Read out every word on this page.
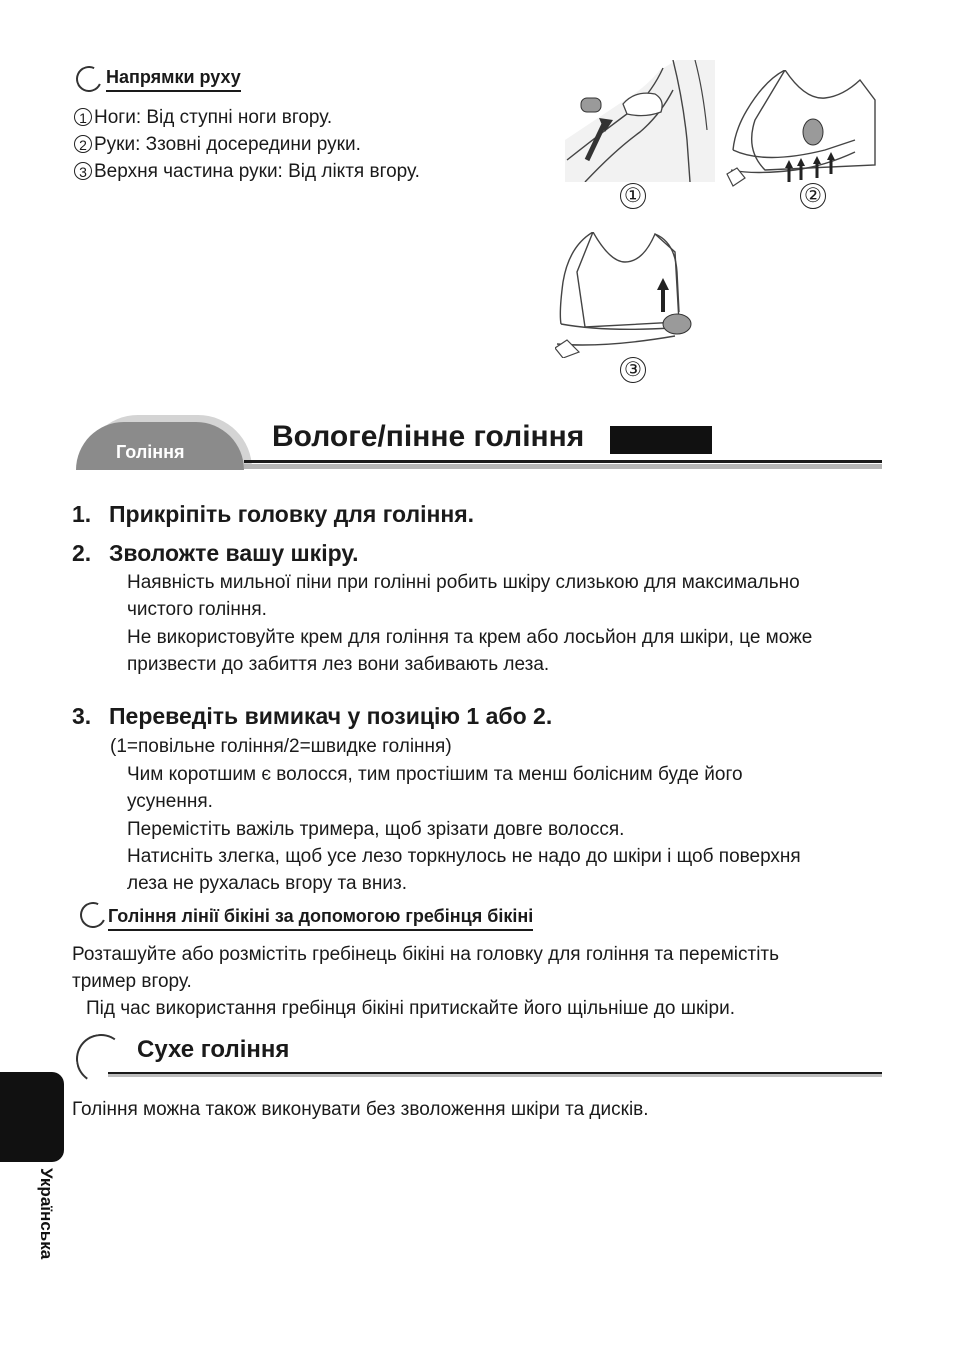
Напрямки руху
1 Ноги: Від ступні ноги вгору.
2 Руки: Ззовні досередини руки.
3 Верхня частина руки: Від ліктя вгору.
①	②
③
Гоління	Вологе/пінне гоління
1. Прикріпіть головку для гоління.
2. Зволожте вашу шкіру.
Наявність мильної піни при голінні робить шкіру слизькою для максимально
чистого гоління.
Не використовуйте крем для гоління та крем або лосьйон для шкіри, це може
призвести до забиття лез вони забивають леза.
3. Переведіть вимикач у позицію 1 або 2.
(1=повільне гоління/2=швидке гоління)
Чим коротшим є волосся, тим простішим та менш болісним буде його
усунення.
Перемістіть важіль тримера, щоб зрізати довге волосся.
Натисніть злегка, щоб усе лезо торкнулось не надо до шкіри і щоб поверхня
леза не рухалась вгору та вниз.
Гоління лінії бікіні за допомогою гребінця бікіні
Розташуйте або розмістіть гребінець бікіні на головку для гоління та перемістіть
тример вгору.
Під час використання гребінця бікіні притискайте його щільніше до шкіри.
Сухе гоління
Гоління можна також виконувати без зволоження шкіри та дисків.
Українська
